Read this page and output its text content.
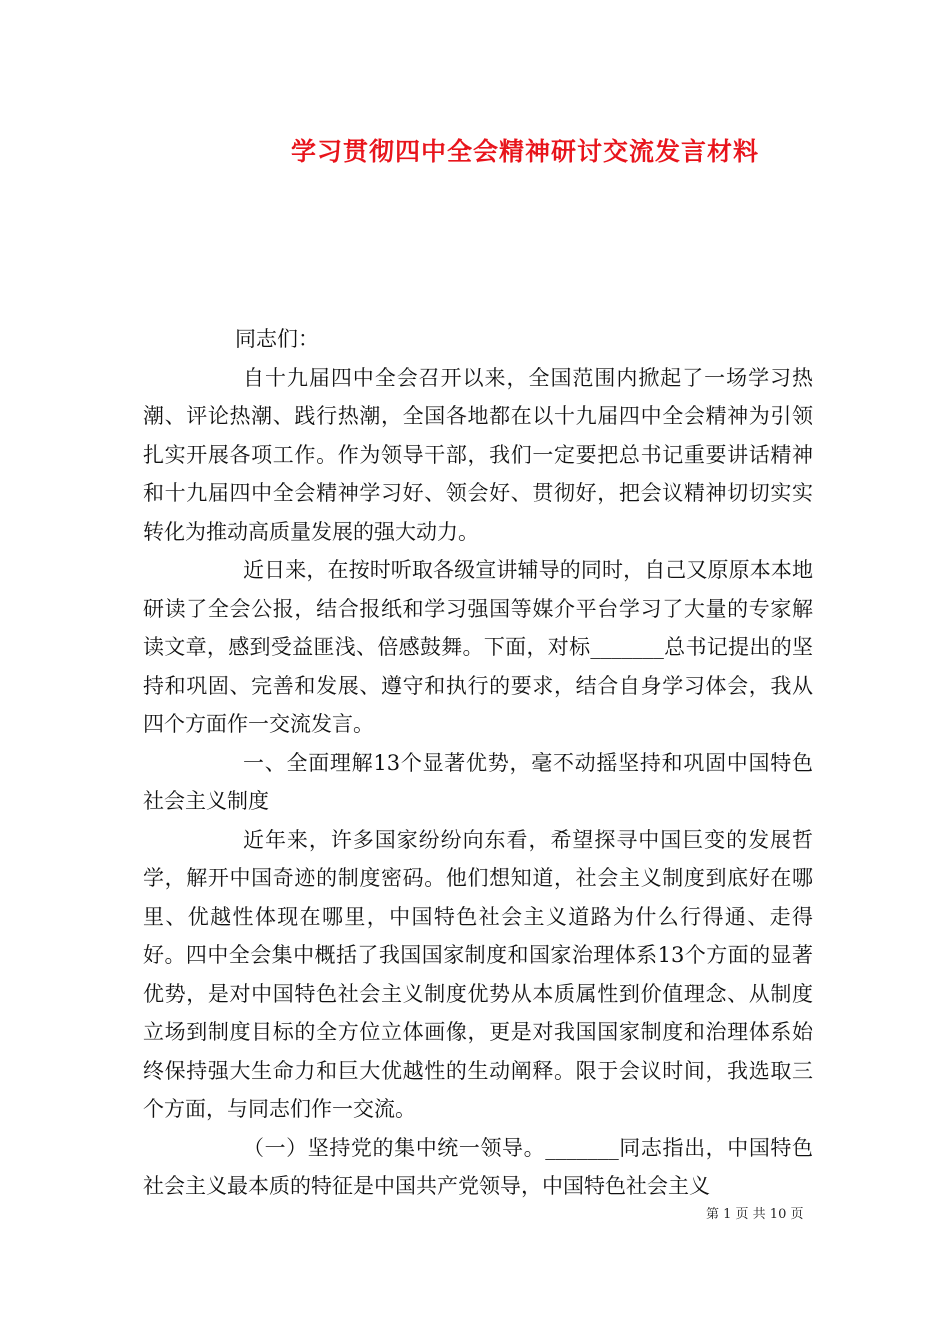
学习贯彻四中全会精神研讨交流发言材料

同志们：

自十九届四中全会召开以来，全国范围内掀起了一场学习热潮、评论热潮、践行热潮，全国各地都在以十九届四中全会精神为引领扎实开展各项工作。作为领导干部，我们一定要把总书记重要讲话精神和十九届四中全会精神学习好、领会好、贯彻好，把会议精神切切实实转化为推动高质量发展的强大动力。

近日来，在按时听取各级宣讲辅导的同时，自己又原原本本地研读了全会公报，结合报纸和学习强国等媒介平台学习了大量的专家解读文章，感到受益匪浅、倍感鼓舞。下面，对标_______总书记提出的坚持和巩固、完善和发展、遵守和执行的要求，结合自身学习体会，我从四个方面作一交流发言。

一、全面理解13个显著优势，毫不动摇坚持和巩固中国特色社会主义制度

近年来，许多国家纷纷向东看，希望探寻中国巨变的发展哲学，解开中国奇迹的制度密码。他们想知道，社会主义制度到底好在哪里、优越性体现在哪里，中国特色社会主义道路为什么行得通、走得好。四中全会集中概括了我国国家制度和国家治理体系13个方面的显著优势，是对中国特色社会主义制度优势从本质属性到价值理念、从制度立场到制度目标的全方位立体画像，更是对我国国家制度和治理体系始终保持强大生命力和巨大优越性的生动阐释。限于会议时间，我选取三个方面，与同志们作一交流。

（一）坚持党的集中统一领导。_______同志指出，中国特色社会主义最本质的特征是中国共产党领导，中国特色社会主义

第 1 页 共 10 页
